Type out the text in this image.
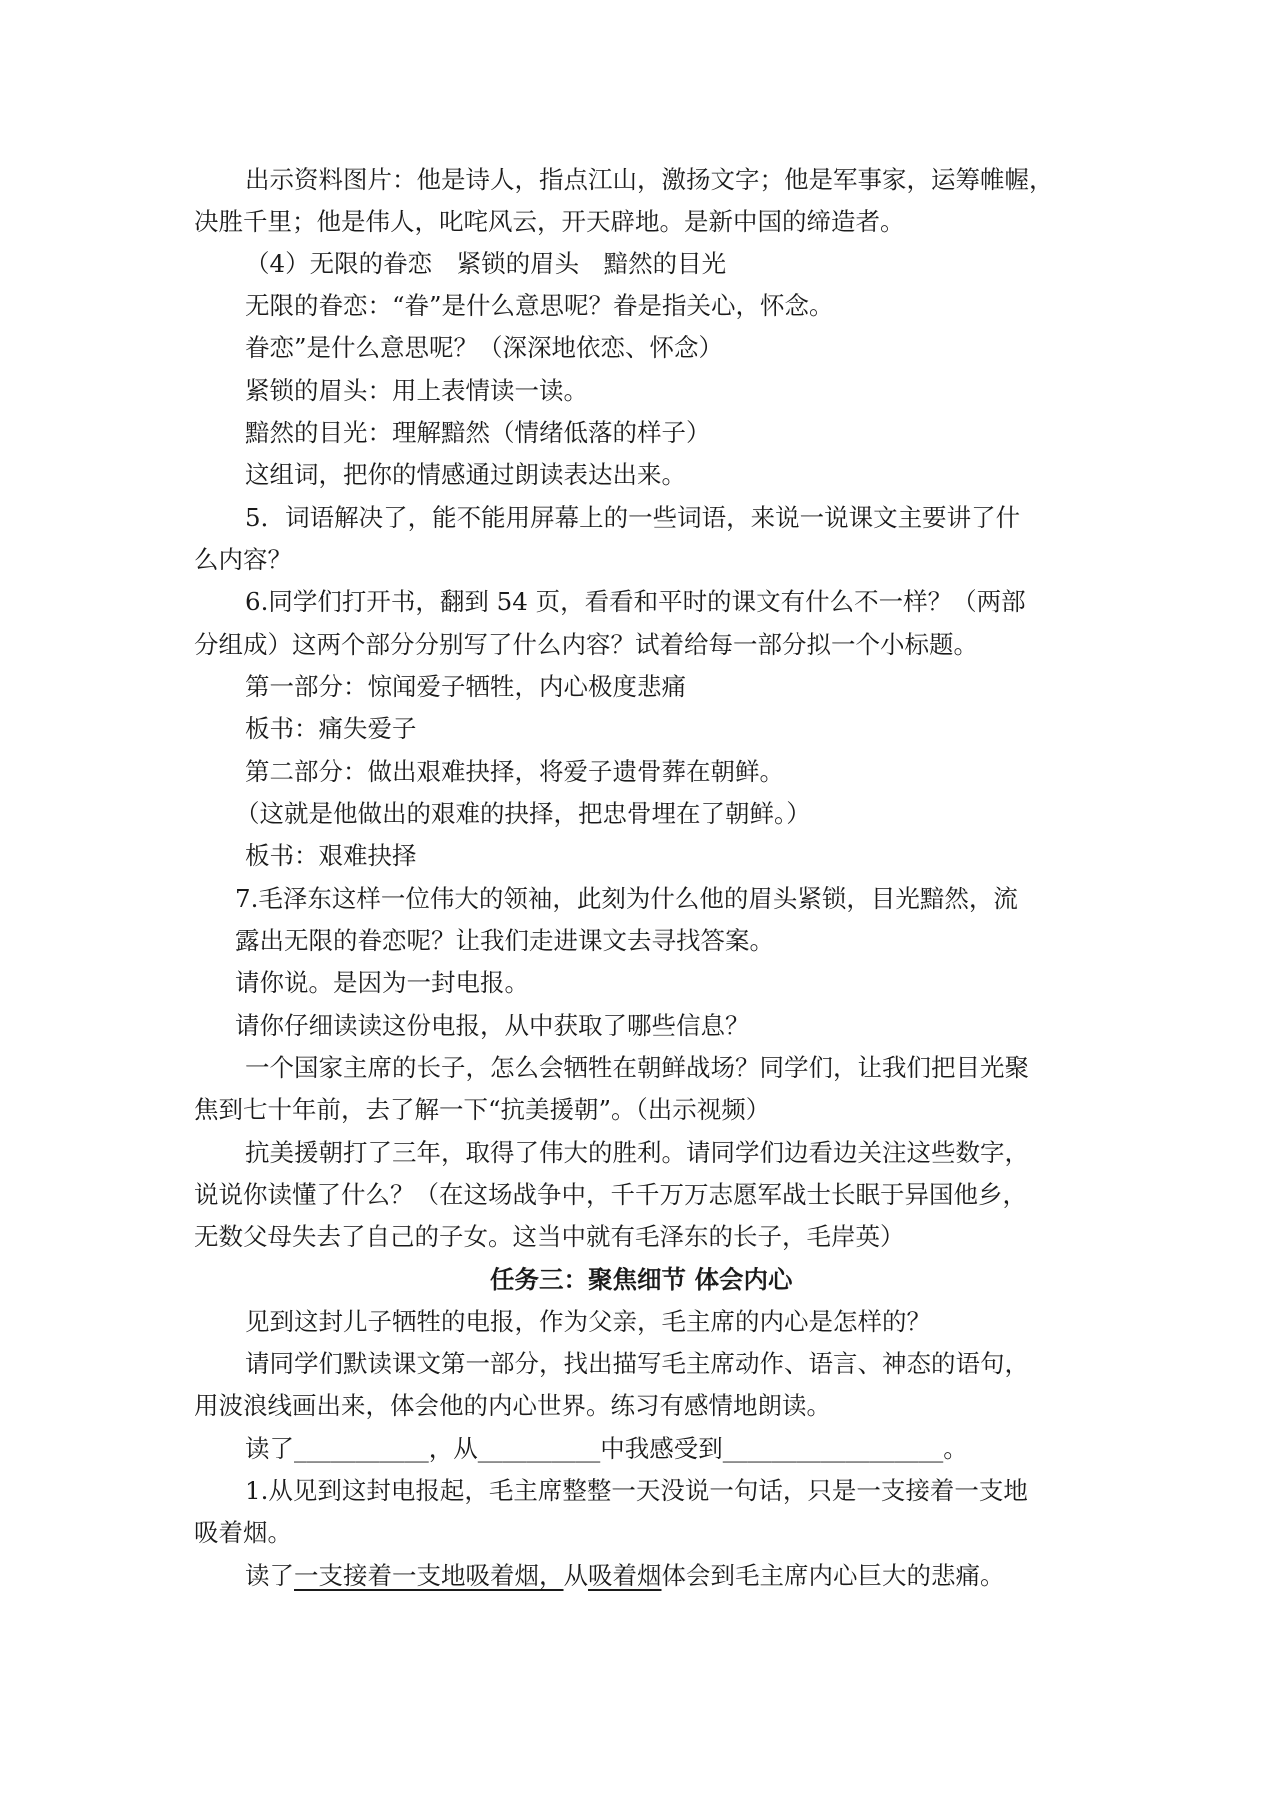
出示资料图片：他是诗人，指点江山，激扬文字；他是军事家，运筹帷幄，
决胜千里；他是伟人，叱咤风云，开天辟地。是新中国的缔造者。
（4）无限的眷恋　紧锁的眉头　黯然的目光
无限的眷恋：“眷”是什么意思呢？眷是指关心，怀念。
眷恋”是什么意思呢？（深深地依恋、怀念）
紧锁的眉头：用上表情读一读。
黯然的目光：理解黯然（情绪低落的样子）
这组词，把你的情感通过朗读表达出来。
5．词语解决了，能不能用屏幕上的一些词语，来说一说课文主要讲了什
么内容？
6.同学们打开书，翻到 54 页，看看和平时的课文有什么不一样？（两部
分组成）这两个部分分别写了什么内容？试着给每一部分拟一个小标题。
第一部分：惊闻爱子牺牲，内心极度悲痛
板书：痛失爱子
第二部分：做出艰难抉择，将爱子遗骨葬在朝鲜。
（这就是他做出的艰难的抉择，把忠骨埋在了朝鲜。）
板书：艰难抉择
7.毛泽东这样一位伟大的领袖，此刻为什么他的眉头紧锁，目光黯然，流
露出无限的眷恋呢？让我们走进课文去寻找答案。
请你说。是因为一封电报。
请你仔细读读这份电报，从中获取了哪些信息？
一个国家主席的长子，怎么会牺牲在朝鲜战场？同学们，让我们把目光聚
焦到七十年前，去了解一下“抗美援朝”。（出示视频）
抗美援朝打了三年，取得了伟大的胜利。请同学们边看边关注这些数字，
说说你读懂了什么？（在这场战争中，千千万万志愿军战士长眠于异国他乡，
无数父母失去了自己的子女。这当中就有毛泽东的长子，毛岸英）
任务三：聚焦细节 体会内心
见到这封儿子牺牲的电报，作为父亲，毛主席的内心是怎样的？
请同学们默读课文第一部分，找出描写毛主席动作、语言、神态的语句，
用波浪线画出来，体会他的内心世界。练习有感情地朗读。
读了___________，从__________中我感受到__________________。
1.从见到这封电报起，毛主席整整一天没说一句话，只是一支接着一支地
吸着烟。
读了一支接着一支地吸着烟，从吸着烟体会到毛主席内心巨大的悲痛。
